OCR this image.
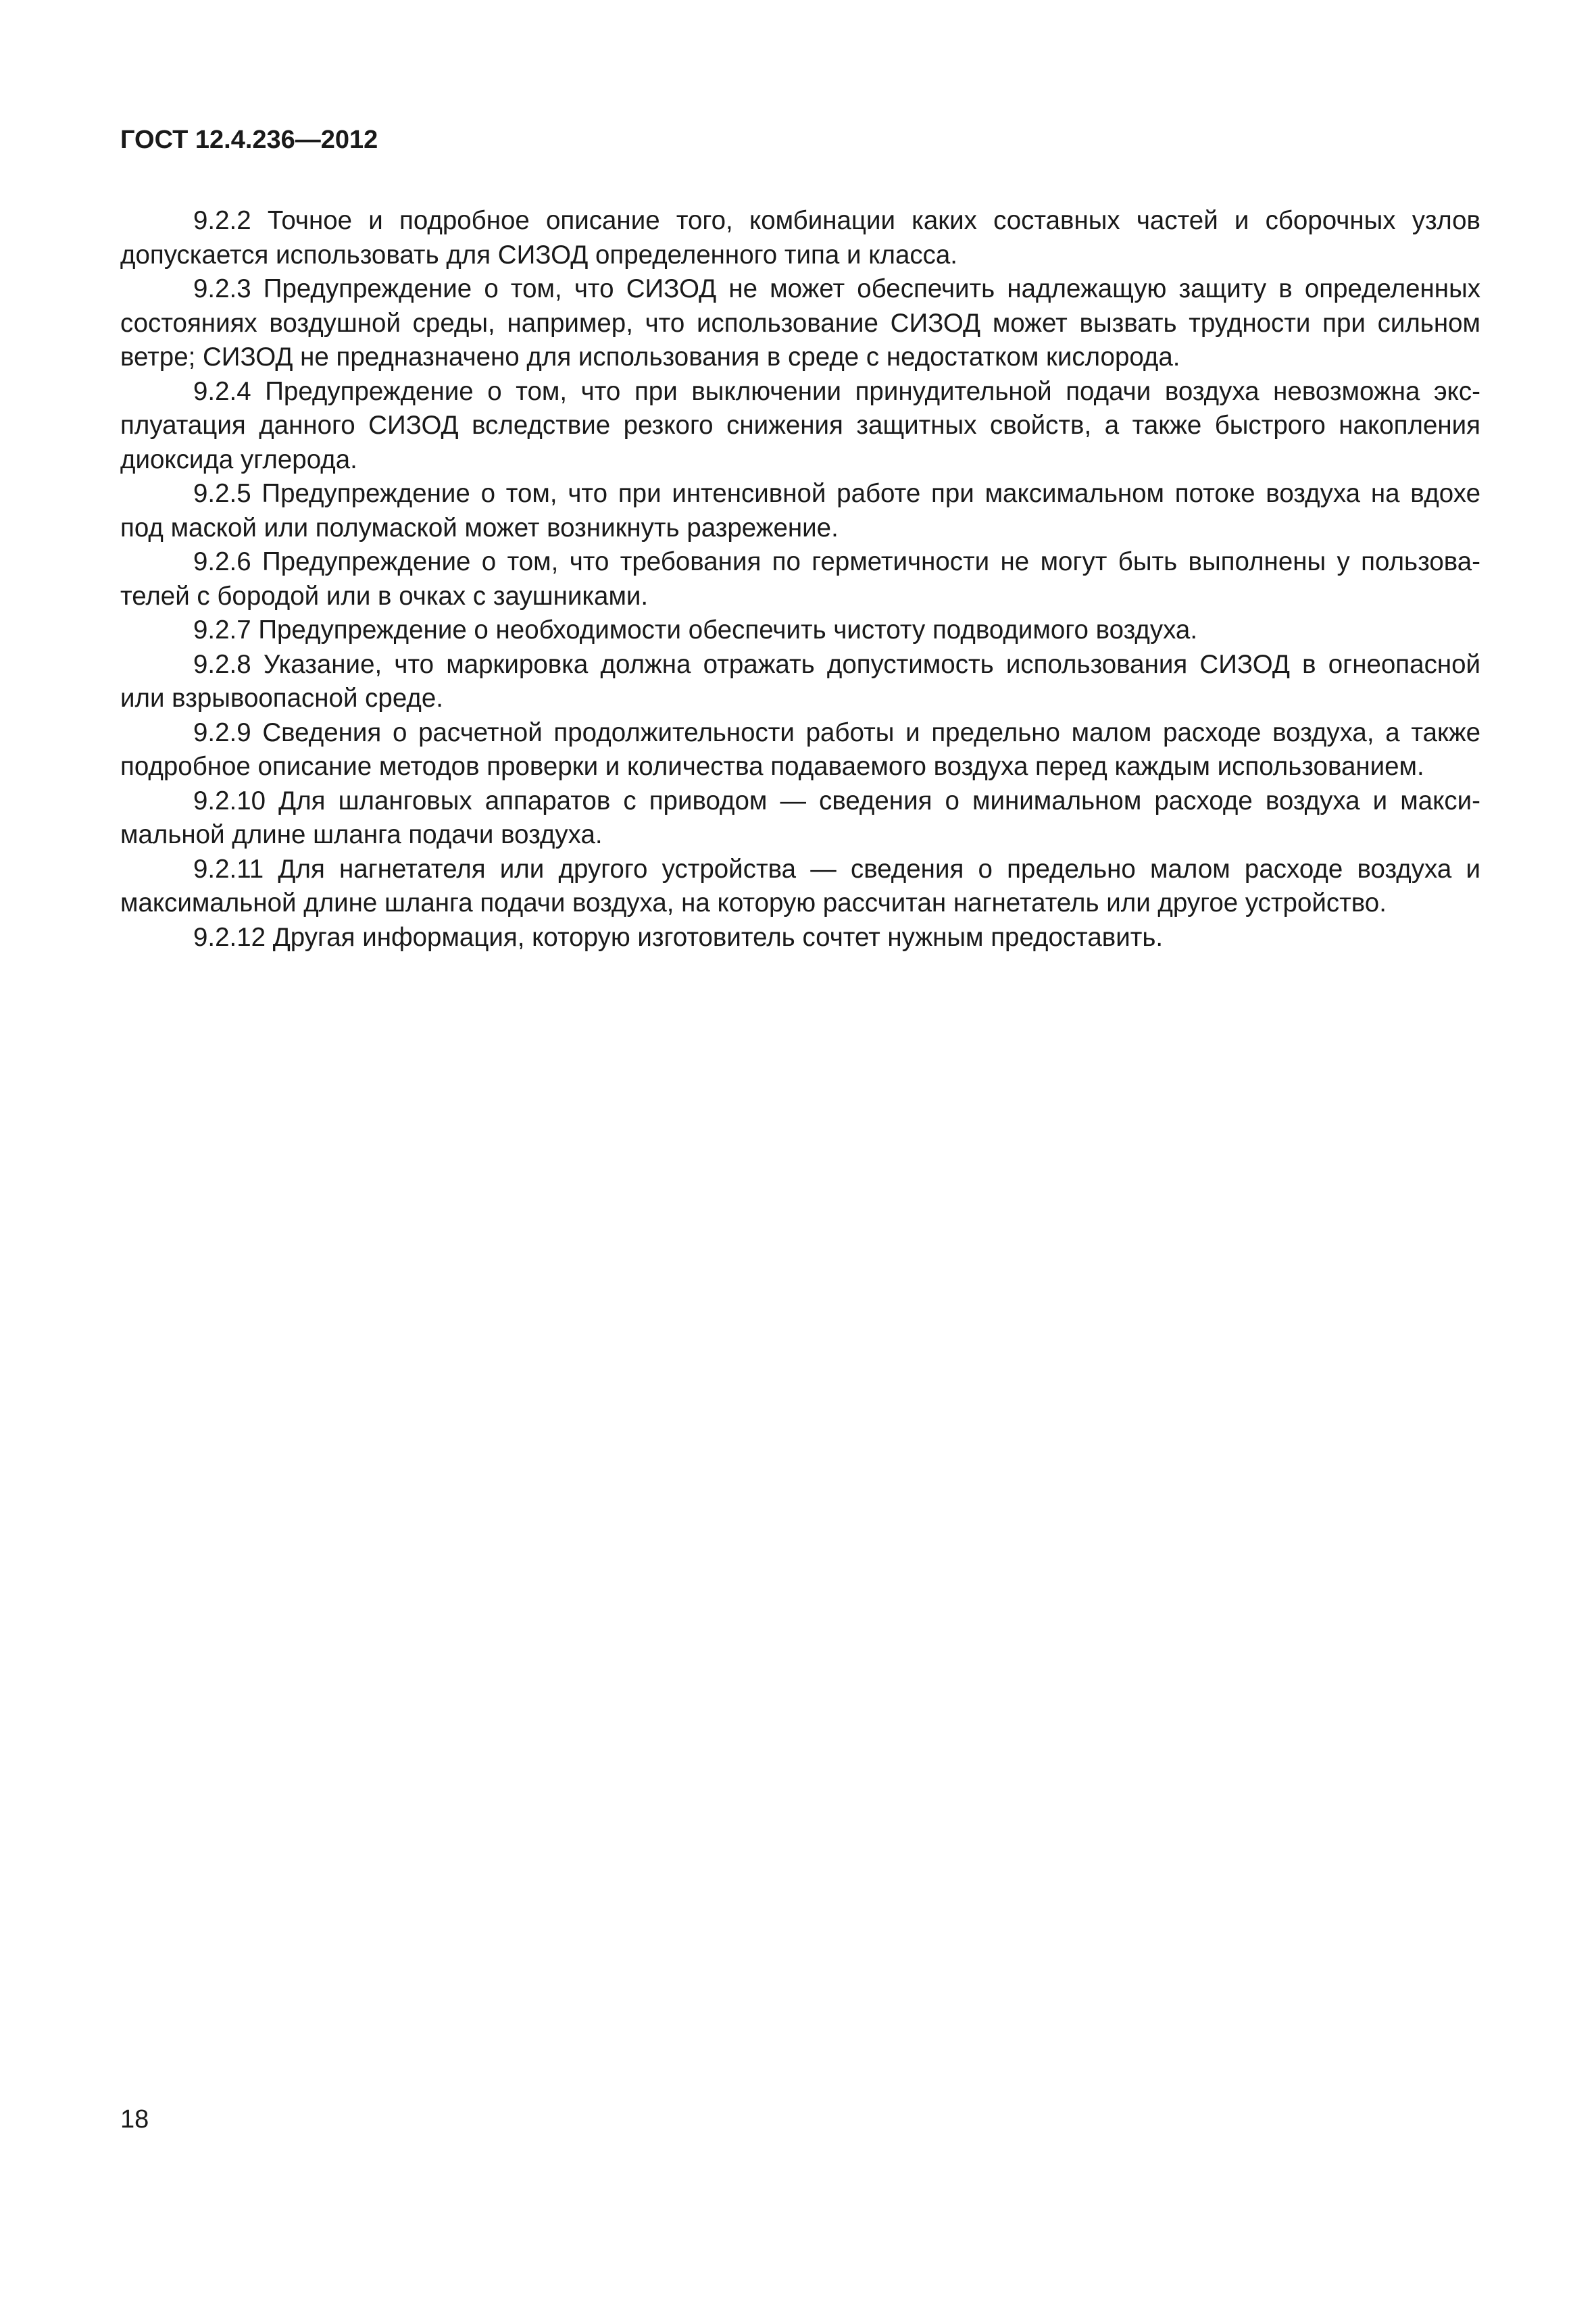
ГОСТ 12.4.236—2012

9.2.2 Точное и подробное описание того, комбинации каких составных частей и сборочных узлов допускается использовать для СИЗОД определенного типа и класса.

9.2.3 Предупреждение о том, что СИЗОД не может обеспечить надлежащую защиту в определенных состояниях воздушной среды, например, что использование СИЗОД может вызвать трудности при сильном ветре; СИЗОД не предназначено для использования в среде с недостатком кислорода.

9.2.4 Предупреждение о том, что при выключении принудительной подачи воздуха невозможна эксплуатация данного СИЗОД вследствие резкого снижения защитных свойств, а также быстрого накопления диоксида углерода.

9.2.5 Предупреждение о том, что при интенсивной работе при максимальном потоке воздуха на вдохе под маской или полумаской может возникнуть разрежение.

9.2.6 Предупреждение о том, что требования по герметичности не могут быть выполнены у пользователей с бородой или в очках с заушниками.

9.2.7 Предупреждение о необходимости обеспечить чистоту подводимого воздуха.

9.2.8 Указание, что маркировка должна отражать допустимость использования СИЗОД в огнеопасной или взрывоопасной среде.

9.2.9 Сведения о расчетной продолжительности работы и предельно малом расходе воздуха, а также подробное описание методов проверки и количества подаваемого воздуха перед каждым использованием.

9.2.10 Для шланговых аппаратов с приводом — сведения о минимальном расходе воздуха и максимальной длине шланга подачи воздуха.

9.2.11 Для нагнетателя или другого устройства — сведения о предельно малом расходе воздуха и максимальной длине шланга подачи воздуха, на которую рассчитан нагнетатель или другое устройство.

9.2.12 Другая информация, которую изготовитель сочтет нужным предоставить.

18
